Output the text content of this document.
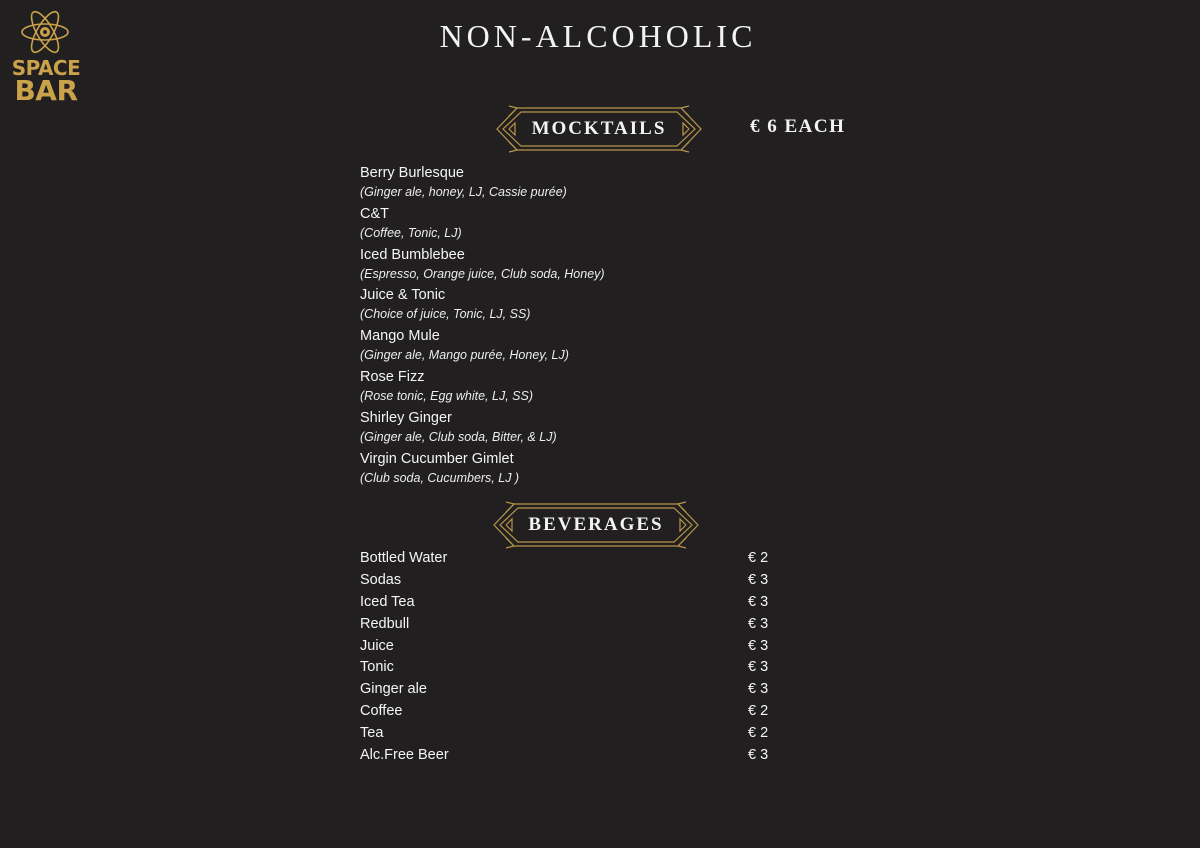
SPACE
BAR
NON-ALCOHOLIC
MOCKTAILS	€ 6 EACH
Berry Burlesque
(Ginger ale, honey, LJ, Cassie purée)
C&T
(Coffee, Tonic, LJ)
Iced Bumblebee
(Espresso, Orange juice, Club soda, Honey)
Juice & Tonic
(Choice of juice, Tonic, LJ, SS)
Mango Mule
(Ginger ale, Mango purée, Honey, LJ)
Rose Fizz
(Rose tonic, Egg white, LJ, SS)
Shirley Ginger
(Ginger ale, Club soda, Bitter, & LJ)
Virgin Cucumber Gimlet
(Club soda, Cucumbers, LJ )
BEVERAGES
Bottled Water	€ 2
Sodas	€ 3
Iced Tea	€ 3
Redbull	€ 3
Juice	€ 3
Tonic	€ 3
Ginger ale	€ 3
Coffee	€ 2
Tea	€ 2
Alc.Free Beer	€ 3
